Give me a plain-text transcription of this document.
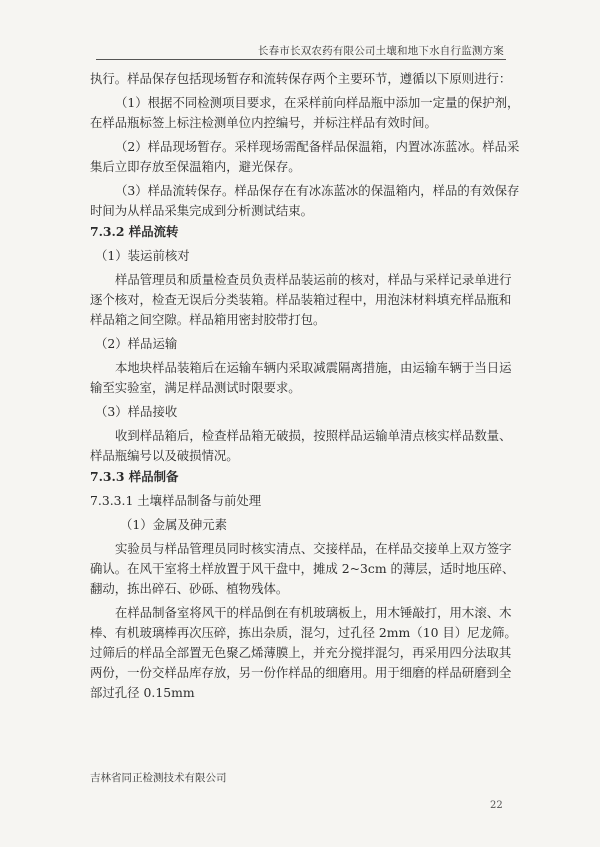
长春市长双农药有限公司土壤和地下水自行监测方案

执行。样品保存包括现场暂存和流转保存两个主要环节，遵循以下原则进行：

（1）根据不同检测项目要求，在采样前向样品瓶中添加一定量的保护剂，在样品瓶标签上标注检测单位内控编号，并标注样品有效时间。

（2）样品现场暂存。采样现场需配备样品保温箱，内置冰冻蓝冰。样品采集后立即存放至保温箱内，避光保存。

（3）样品流转保存。样品保存在有冰冻蓝冰的保温箱内，样品的有效保存时间为从样品采集完成到分析测试结束。

7.3.2 样品流转

（1）装运前核对

样品管理员和质量检查员负责样品装运前的核对，样品与采样记录单进行逐个核对，检查无误后分类装箱。样品装箱过程中，用泡沫材料填充样品瓶和样品箱之间空隙。样品箱用密封胶带打包。

（2）样品运输

本地块样品装箱后在运输车辆内采取减震隔离措施，由运输车辆于当日运输至实验室，满足样品测试时限要求。

（3）样品接收

收到样品箱后，检查样品箱无破损，按照样品运输单清点核实样品数量、样品瓶编号以及破损情况。

7.3.3 样品制备

7.3.3.1 土壤样品制备与前处理

（1）金属及砷元素

实验员与样品管理员同时核实清点、交接样品，在样品交接单上双方签字确认。在风干室将土样放置于风干盘中，摊成 2~3cm 的薄层，适时地压碎、翻动，拣出碎石、砂砾、植物残体。

在样品制备室将风干的样品倒在有机玻璃板上，用木锤敲打，用木滚、木棒、有机玻璃棒再次压碎，拣出杂质，混匀，过孔径 2mm（10 目）尼龙筛。过筛后的样品全部置无色聚乙烯薄膜上，并充分搅拌混匀，再采用四分法取其两份，一份交样品库存放，另一份作样品的细磨用。用于细磨的样品研磨到全部过孔径 0.15mm

吉林省同正检测技术有限公司
22
